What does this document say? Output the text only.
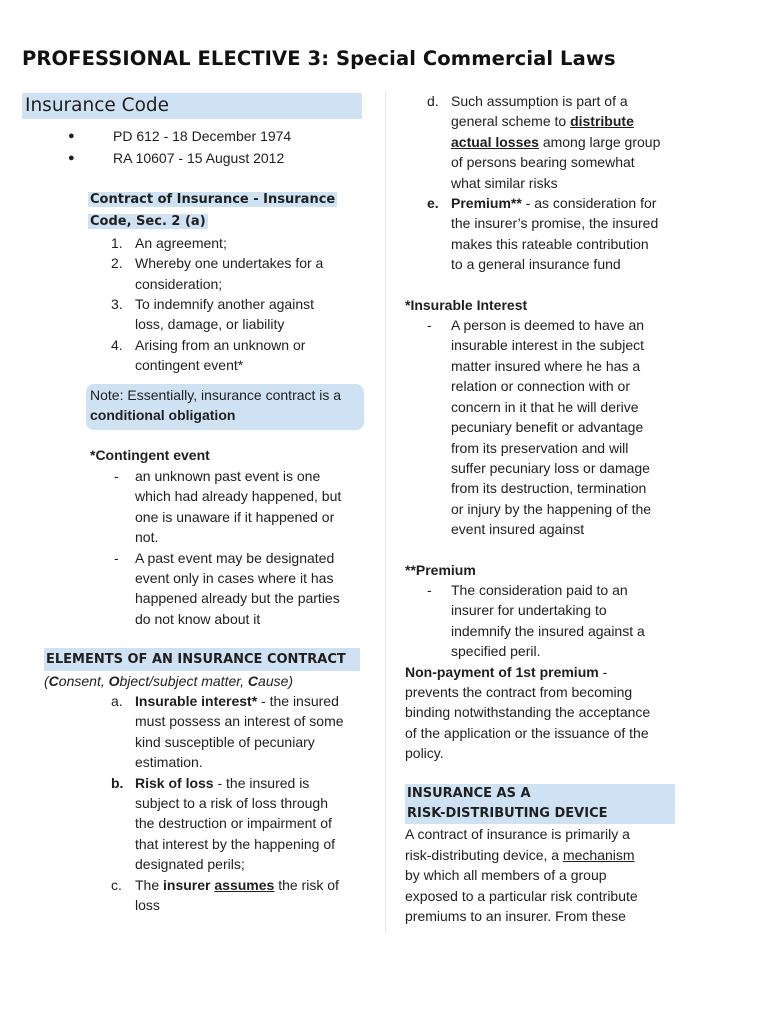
PROFESSIONAL ELECTIVE 3: Special Commercial Laws
Insurance Code
●	PD 612 - 18 December 1974
●	RA 10607 - 15 August 2012
Contract of Insurance - Insurance
Code, Sec. 2 (a)
1. An agreement;
2. Whereby one undertakes for a
consideration;
3. To indemnify another against
loss, damage, or liability
4. Arising from an unknown or
contingent event*
Note: Essentially, insurance contract is a
conditional obligation
*Contingent event
- an unknown past event is one
which had already happened, but
one is unaware if it happened or
not.
- A past event may be designated
event only in cases where it has
happened already but the parties
do not know about it
ELEMENTS OF AN INSURANCE CONTRACT
(Consent, Object/subject matter, Cause)
a. Insurable interest* - the insured
must possess an interest of some
kind susceptible of pecuniary
estimation.
b. Risk of loss - the insured is
subject to a risk of loss through
the destruction or impairment of
that interest by the happening of
designated perils;
c. The insurer assumes the risk of
loss
d. Such assumption is part of a
general scheme to distribute
actual losses among large group
of persons bearing somewhat
what similar risks
e. Premium** - as consideration for
the insurer’s promise, the insured
makes this rateable contribution
to a general insurance fund
*Insurable Interest
- A person is deemed to have an
insurable interest in the subject
matter insured where he has a
relation or connection with or
concern in it that he will derive
pecuniary benefit or advantage
from its preservation and will
suffer pecuniary loss or damage
from its destruction, termination
or injury by the happening of the
event insured against
**Premium
- The consideration paid to an
insurer for undertaking to
indemnify the insured against a
specified peril.
Non-payment of 1st premium -
prevents the contract from becoming
binding notwithstanding the acceptance
of the application or the issuance of the
policy.
INSURANCE AS A
RISK-DISTRIBUTING DEVICE
A contract of insurance is primarily a
risk-distributing device, a mechanism
by which all members of a group
exposed to a particular risk contribute
premiums to an insurer. From these
